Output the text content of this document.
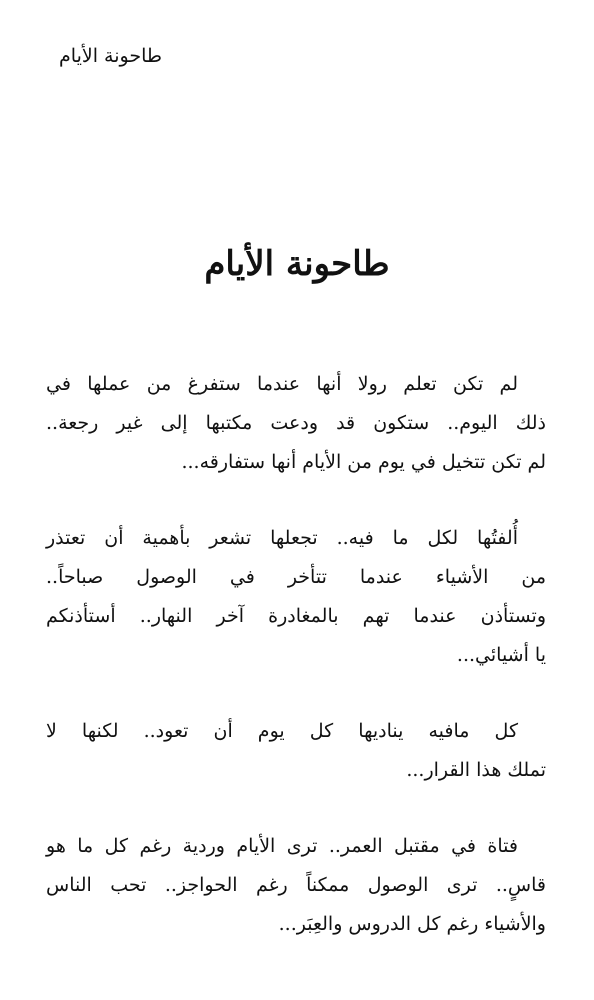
طاحونة الأيام
طاحونة الأيام

لم تكن تعلم رولا أنها عندما ستفرغ من عملها في
ذلك اليوم.. ستكون قد ودعت مكتبها إلى غير رجعة..
لم تكن تتخيل في يوم من الأيام أنها ستفارقه...

أُلفتُها لكل ما فيه.. تجعلها تشعر بأهمية أن تعتذر
من الأشياء عندما تتأخر في الوصول صباحاً..
وتستأذن عندما تهم بالمغادرة آخر النهار.. أستأذنكم
يا أشيائي...

كل مافيه يناديها كل يوم أن تعود.. لكنها لا
تملك هذا القرار...

فتاة في مقتبل العمر.. ترى الأيام وردية رغم كل ما هو
قاسٍ.. ترى الوصول ممكناً رغم الحواجز.. تحب الناس
والأشياء رغم كل الدروس والعِبَر...
